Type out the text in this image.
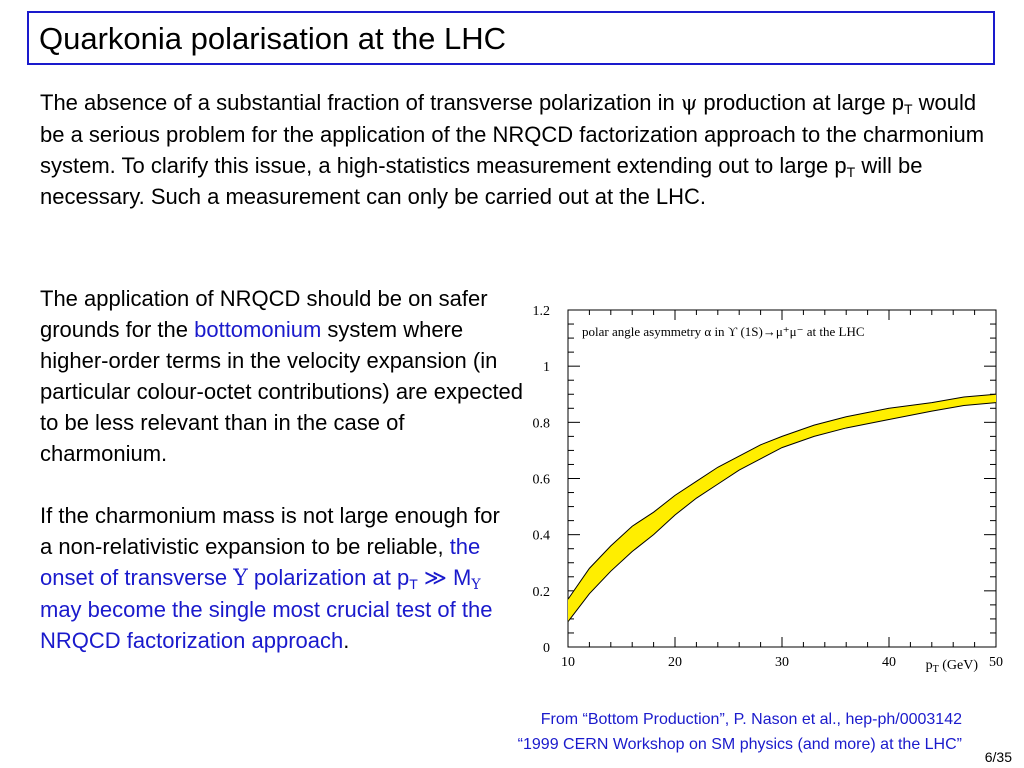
Quarkonia polarisation at the LHC

The absence of a substantial fraction of transverse polarization in ψ production at large $p_T$ would be a serious problem for the application of the NRQCD factorization approach to the charmonium system. To clarify this issue, a high-statistics measurement extending out to large $p_T$ will be necessary. Such a measurement can only be carried out at the LHC.

The application of NRQCD should be on safer grounds for the bottomonium system where higher-order terms in the velocity expansion (in particular colour-octet contributions) are expected to be less relevant than in the case of charmonium.

If the charmonium mass is not large enough for a non-relativistic expansion to be reliable, the onset of transverse Υ polarization at $p_T$ ≫ $M_\Upsilon$ may become the single most crucial test of the NRQCD factorization approach.

10	20	30	40	50
0
0.2
0.4
0.6
0.8
1
1.2
polar angle asymmetry α in ϒ (1S)→μ⁺μ⁻ at the LHC
$p_T$ (GeV)
From “Bottom Production”, P. Nason et al., hep-ph/0003142
“1999 CERN Workshop on SM physics (and more) at the LHC”
6/35
